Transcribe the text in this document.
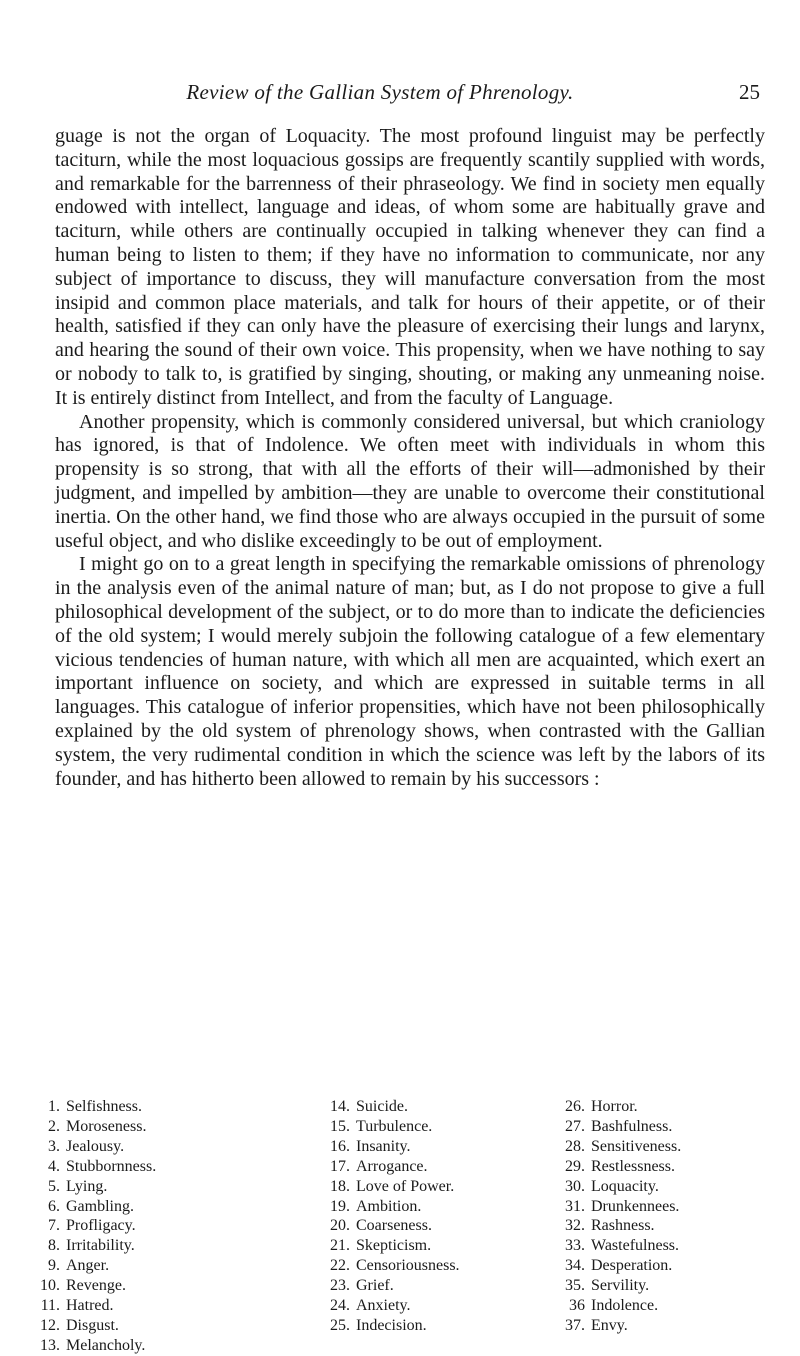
Review of the Gallian System of Phrenology.	25

guage is not the organ of Loquacity. The most profound linguist may be perfectly taciturn, while the most loquacious gossips are frequently scantily supplied with words, and remarkable for the barrenness of their phraseology. We find in society men equally endowed with intellect, language and ideas, of whom some are habitually grave and taciturn, while others are continually occupied in talking whenever they can find a human being to listen to them; if they have no information to communicate, nor any subject of importance to discuss, they will manufacture conversation from the most insipid and common place materials, and talk for hours of their appetite, or of their health, satisfied if they can only have the pleasure of exercising their lungs and larynx, and hearing the sound of their own voice. This propensity, when we have nothing to say or nobody to talk to, is gratified by singing, shouting, or making any unmeaning noise. It is entirely distinct from Intellect, and from the faculty of Language.

Another propensity, which is commonly considered universal, but which craniology has ignored, is that of Indolence. We often meet with individuals in whom this propensity is so strong, that with all the efforts of their will—admonished by their judgment, and impelled by ambition—they are unable to overcome their constitutional inertia. On the other hand, we find those who are always occupied in the pursuit of some useful object, and who dislike exceedingly to be out of employment.

I might go on to a great length in specifying the remarkable omissions of phrenology in the analysis even of the animal nature of man; but, as I do not propose to give a full philosophical development of the subject, or to do more than to indicate the deficiencies of the old system; I would merely subjoin the following catalogue of a few elementary vicious tendencies of human nature, with which all men are acquainted, which exert an important influence on society, and which are expressed in suitable terms in all languages. This catalogue of inferior propensities, which have not been philosophically explained by the old system of phrenology shows, when contrasted with the Gallian system, the very rudimental condition in which the science was left by the labors of its founder, and has hitherto been allowed to remain by his successors :

1. Selfishness.
2. Moroseness.
3. Jealousy.
4. Stubbornness.
5. Lying.
6. Gambling.
7. Profligacy.
8. Irritability.
9. Anger.
10. Revenge.
11. Hatred.
12. Disgust.
13. Melancholy.
14. Suicide.
15. Turbulence.
16. Insanity.
17. Arrogance.
18. Love of Power.
19. Ambition.
20. Coarseness.
21. Skepticism.
22. Censoriousness.
23. Grief.
24. Anxiety.
25. Indecision.
26. Horror.
27. Bashfulness.
28. Sensitiveness.
29. Restlessness.
30. Loquacity.
31. Drunkennees.
32. Rashness.
33. Wastefulness.
34. Desperation.
35. Servility.
36 Indolence.
37. Envy.
